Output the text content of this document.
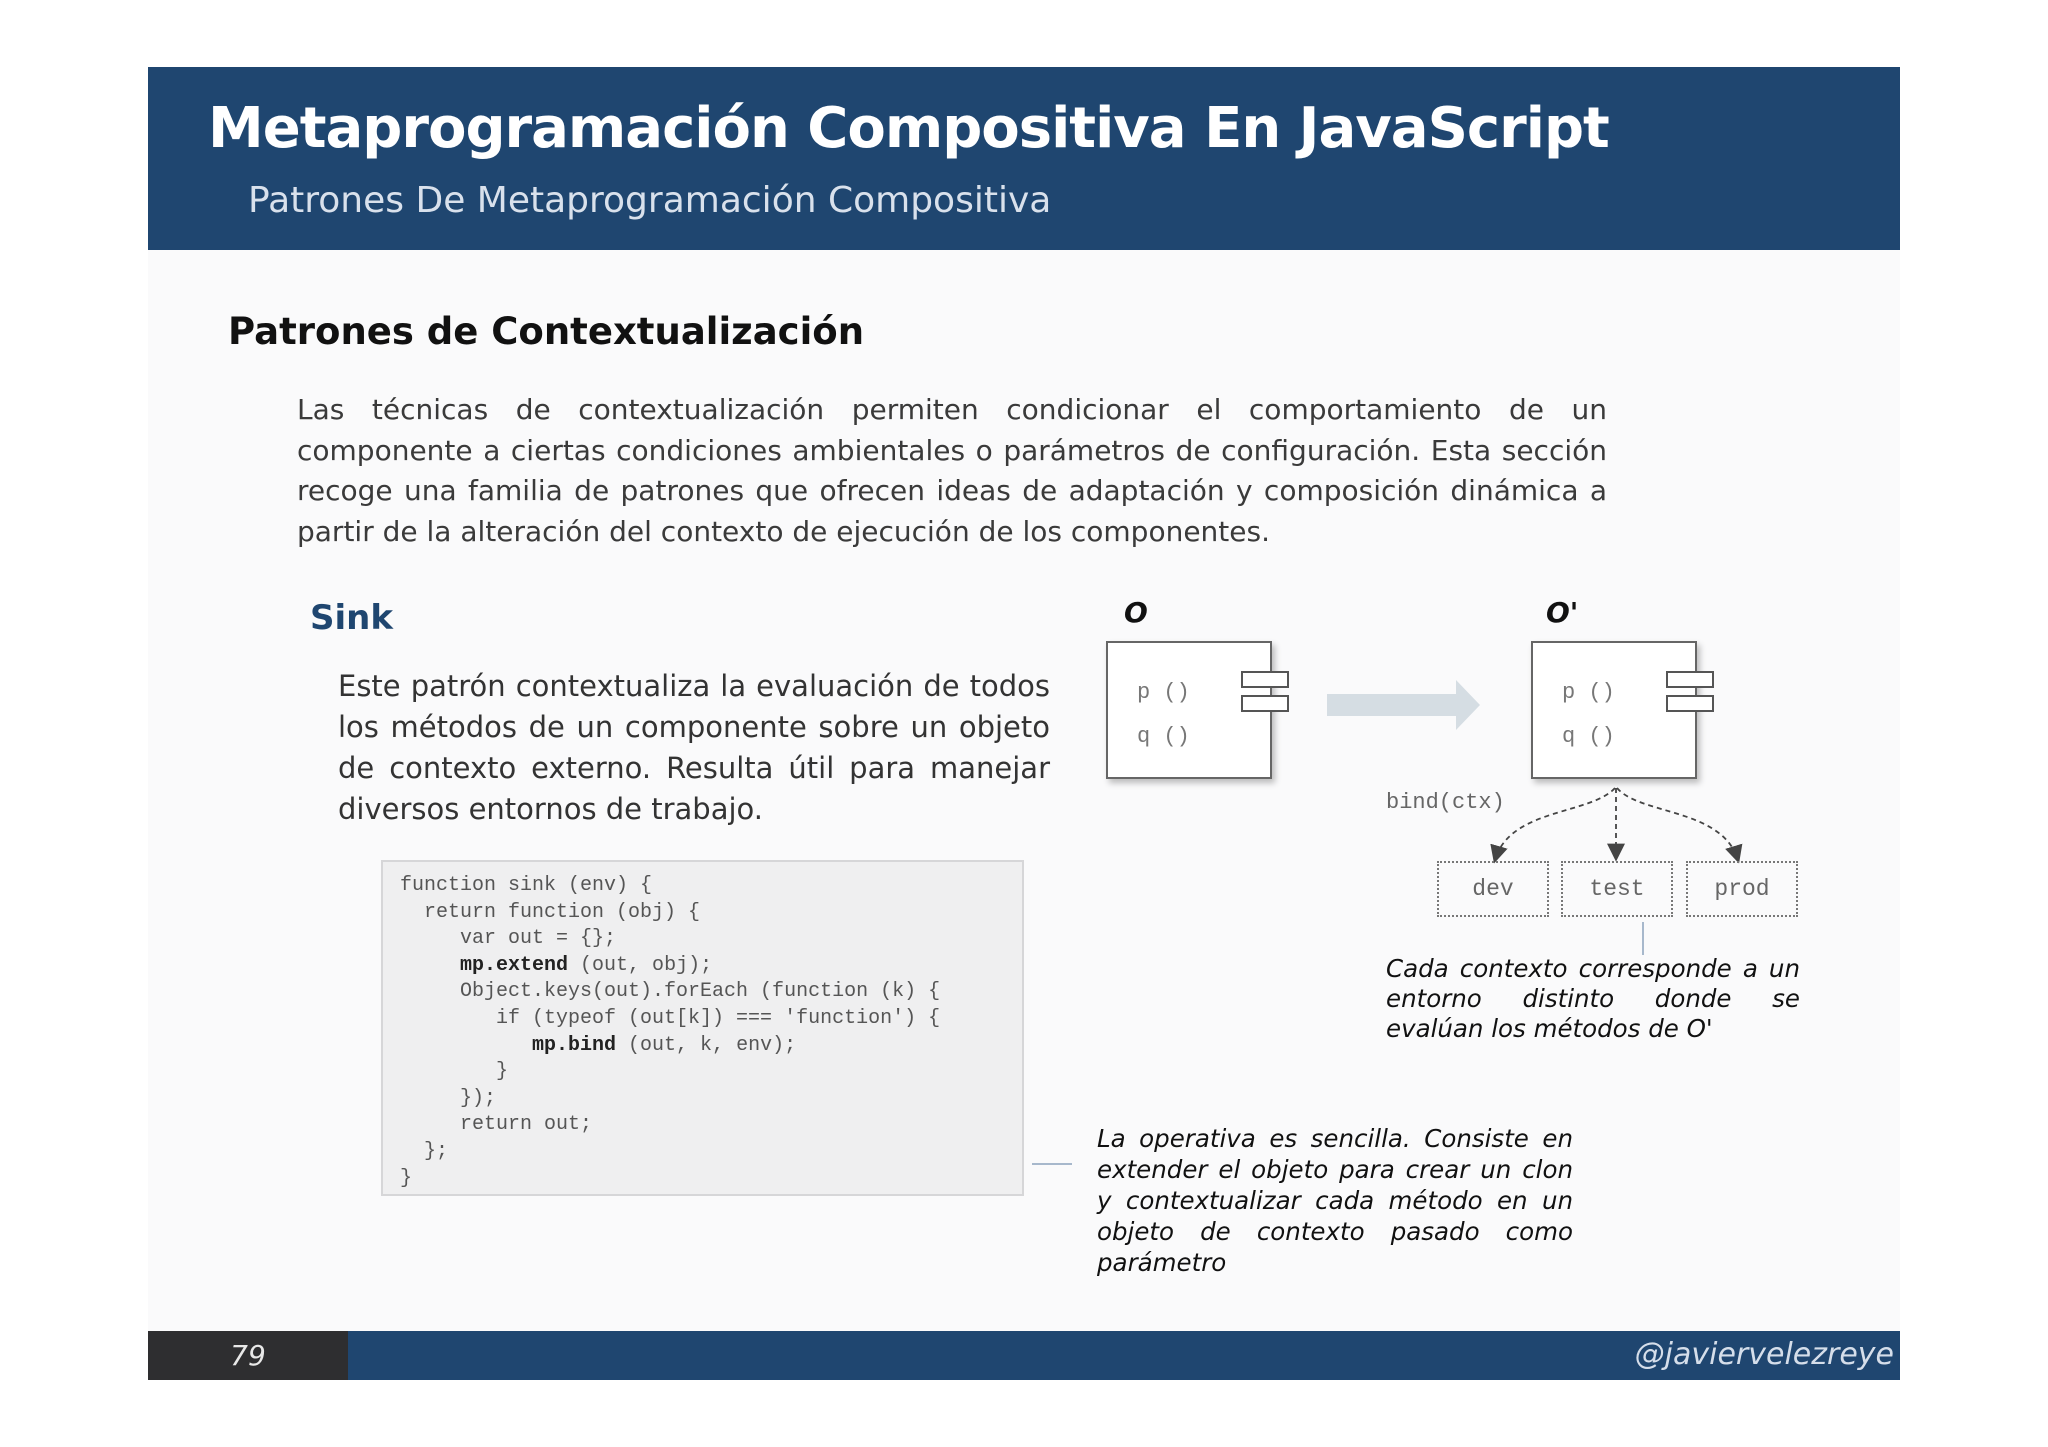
Metaprogramación Compositiva En JavaScript
Patrones De Metaprogramación Compositiva
Patrones de Contextualización
Las técnicas de contextualización permiten condicionar el comportamiento de un componente a ciertas condiciones ambientales o parámetros de configuración. Esta sección recoge una familia de patrones que ofrecen ideas de adaptación y composición dinámica a partir de la alteración del contexto de ejecución de los componentes.
Sink
Este patrón contextualiza la evaluación de todos los métodos de un componente sobre un objeto de contexto externo. Resulta útil para manejar diversos entornos de trabajo.
function sink (env) {
return function (obj) {
var out = {};
mp.extend (out, obj);
Object.keys(out).forEach (function (k) {
if (typeof (out[k]) === 'function') {
mp.bind (out, k, env);
}
});
return out;
};
}
O	O'
p ()
q ()
p ()
q ()
bind(ctx)
dev	test	prod
Cada contexto corresponde a un entorno distinto donde se evalúan los métodos de O'
La operativa es sencilla. Consiste en extender el objeto para crear un clon y contextualizar cada método en un objeto de contexto pasado como parámetro
79	@javiervelezreye
